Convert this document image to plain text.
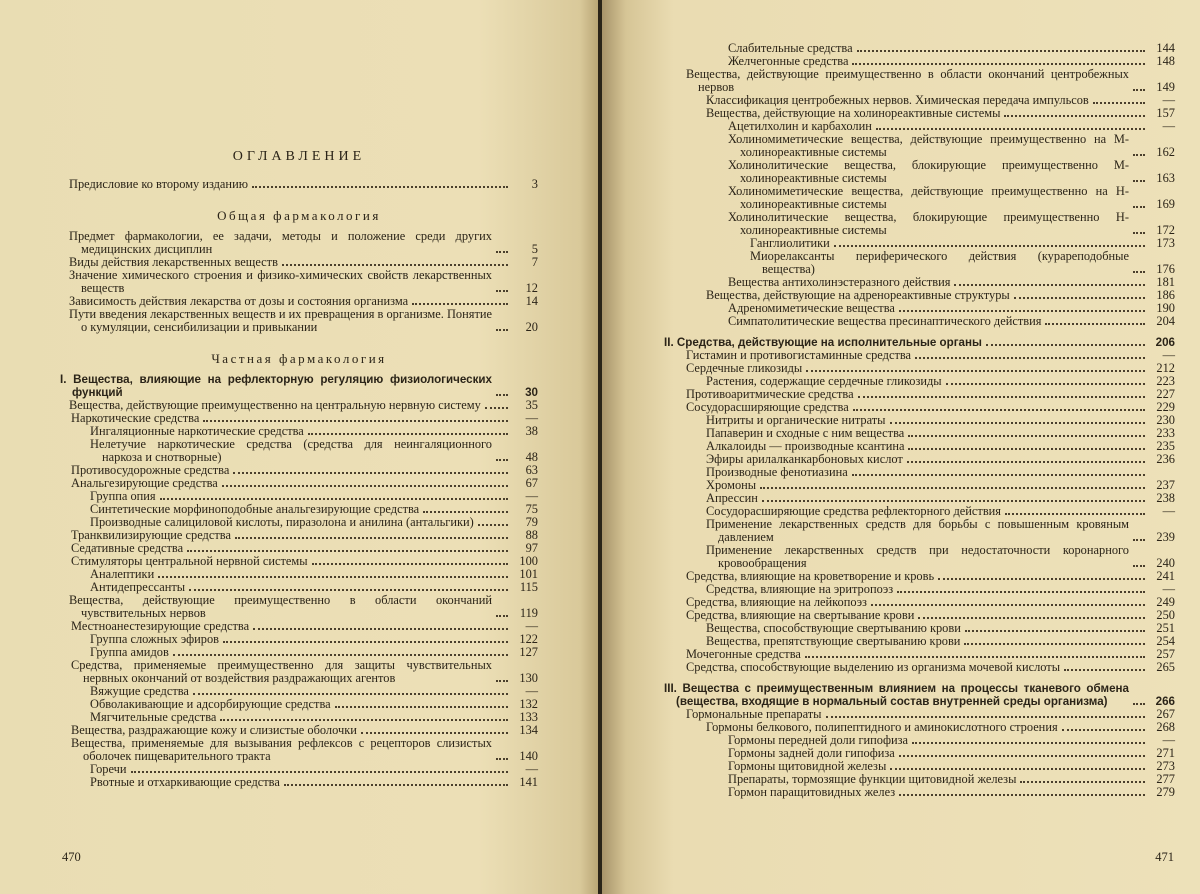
ОГЛАВЛЕНИЕ
Предисловие ко второму изданию	3
Общая фармакология
Предмет фармакологии, ее задачи, методы и положение среди других медицинских дисциплин	5
Виды действия лекарственных веществ	7
Значение химического строения и физико-химических свойств лекарственных веществ	12
Зависимость действия лекарства от дозы и состояния организма	14
Пути введения лекарственных веществ и их превращения в организме. Понятие о кумуляции, сенсибилизации и привыкании	20
Частная фармакология
I. Вещества, влияющие на рефлекторную регуляцию физиологических функций	30
Вещества, действующие преимущественно на центральную нервную систему	35
Наркотические средства	—
Ингаляционные наркотические средства	38
Нелетучие наркотические средства (средства для неингаляционного наркоза и снотворные)	48
Противосудорожные средства	63
Анальгезирующие средства	67
Группа опия	—
Синтетические морфиноподобные анальгезирующие средства	75
Производные салициловой кислоты, пиразолона и анилина (антальгики)	79
Транквилизирующие средства	88
Седативные средства	97
Стимуляторы центральной нервной системы	100
Аналептики	101
Антидепрессанты	115
Вещества, действующие преимущественно в области окончаний чувствительных нервов	119
Местноанестезирующие средства	—
Группа сложных эфиров	122
Группа амидов	127
Средства, применяемые преимущественно для защиты чувствительных нервных окончаний от воздействия раздражающих агентов	130
Вяжущие средства	—
Обволакивающие и адсорбирующие средства	132
Мягчительные средства	133
Вещества, раздражающие кожу и слизистые оболочки	134
Вещества, применяемые для вызывания рефлексов с рецепторов слизистых оболочек пищеварительного тракта	140
Горечи	—
Рвотные и отхаркивающие средства	141
470
Слабительные средства	144
Желчегонные средства	148
Вещества, действующие преимущественно в области окончаний центробежных нервов	149
Классификация центробежных нервов. Химическая передача импульсов	—
Вещества, действующие на холинореактивные системы	157
Ацетилхолин и карбахолин	—
Холиномиметические вещества, действующие преимущественно на М-холинореактивные системы	162
Холинолитические вещества, блокирующие преимущественно М-холинореактивные системы	163
Холиномиметические вещества, действующие преимущественно на Н-холинореактивные системы	169
Холинолитические вещества, блокирующие преимущественно Н-холинореактивные системы	172
Ганглиолитики	173
Миорелаксанты периферического действия (курареподобные вещества)	176
Вещества антихолинэстеразного действия	181
Вещества, действующие на адренореактивные структуры	186
Адреномиметические вещества	190
Симпатолитические вещества пресинаптического действия	204
II. Средства, действующие на исполнительные органы	206
Гистамин и противогистаминные средства	—
Сердечные гликозиды	212
Растения, содержащие сердечные гликозиды	223
Противоаритмические средства	227
Сосудорасширяющие средства	229
Нитриты и органические нитраты	230
Папаверин и сходные с ним вещества	233
Алкалоиды — производные ксантина	235
Эфиры арилалканкарбоновых кислот	236
Производные фенотиазина
Хромоны	237
Апрессин	238
Сосудорасширяющие средства рефлекторного действия	—
Применение лекарственных средств для борьбы с повышенным кровяным давлением	239
Применение лекарственных средств при недостаточности коронарного кровообращения	240
Средства, влияющие на кроветворение и кровь	241
Средства, влияющие на эритропоэз	—
Средства, влияющие на лейкопоэз	249
Средства, влияющие на свертывание крови	250
Вещества, способствующие свертыванию крови	251
Вещества, препятствующие свертыванию крови	254
Мочегонные средства	257
Средства, способствующие выделению из организма мочевой кислоты	265
III. Вещества с преимущественным влиянием на процессы тканевого обмена (вещества, входящие в нормальный состав внутренней среды организма)	266
Гормональные препараты	267
Гормоны белкового, полипептидного и аминокислотного строения	268
Гормоны передней доли гипофиза	—
Гормоны задней доли гипофиза	271
Гормоны щитовидной железы	273
Препараты, тормозящие функции щитовидной железы	277
Гормон паращитовидных желез	279
471
